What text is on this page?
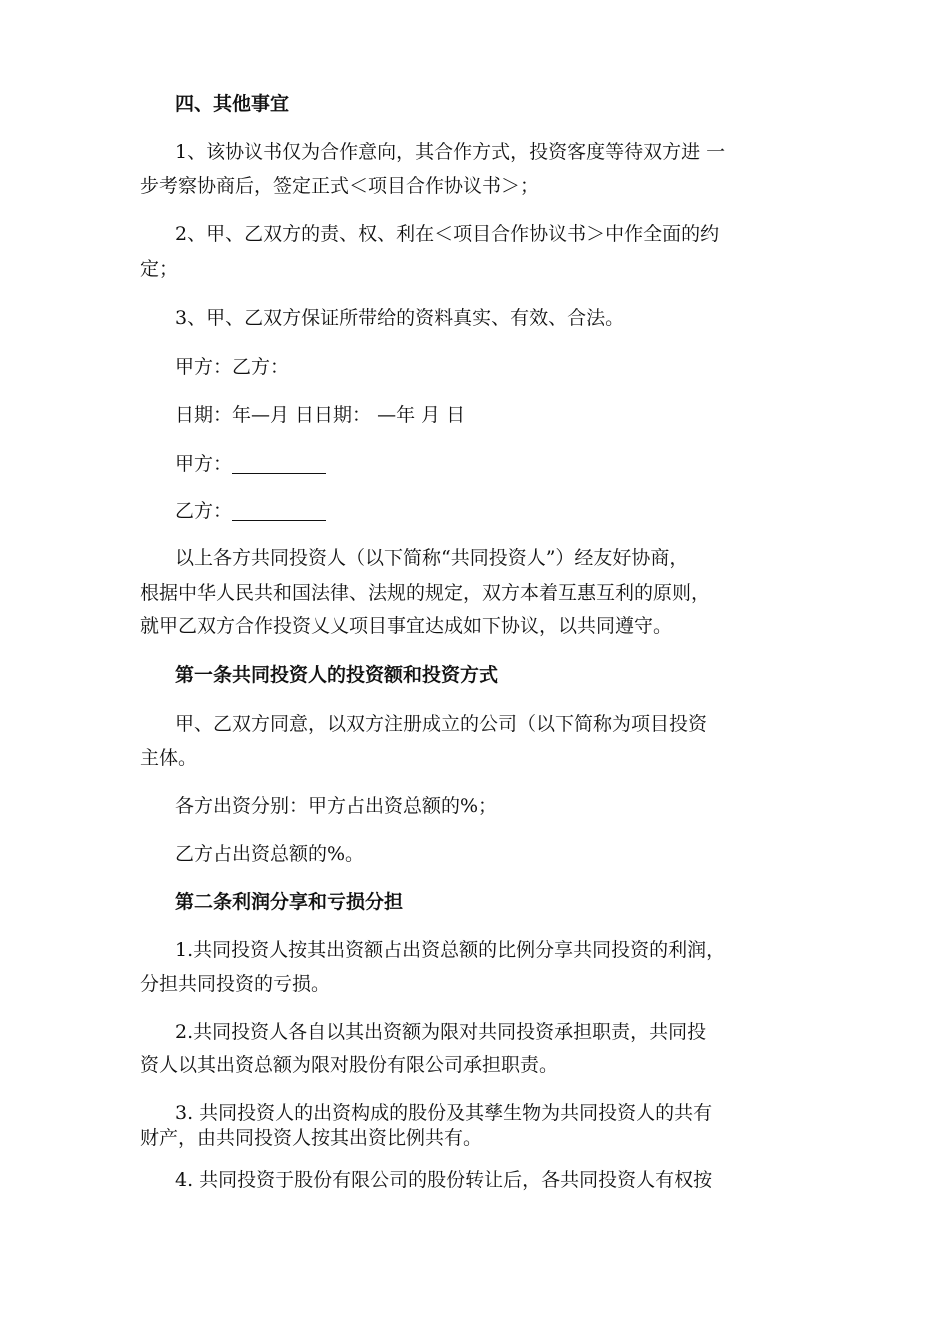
四、其他事宜
1、该协议书仅为合作意向，其合作方式，投资客度等待双方进 一
步考察协商后，签定正式＜项目合作协议书＞；
2、甲、乙双方的责、权、利在＜项目合作协议书＞中作全面的约
定；
3、甲、乙双方保证所带给的资料真实、有效、合法。
甲方：乙方：
日期：年—月 日日期： —年 月 日
甲方：
乙方：
以上各方共同投资人（以下简称“共同投资人”）经友好协商，
根据中华人民共和国法律、法规的规定，双方本着互惠互利的原则，
就甲乙双方合作投资乂乂项目事宜达成如下协议，以共同遵守。
第一条共同投资人的投资额和投资方式
甲、乙双方同意，以双方注册成立的公司（以下简称为项目投资
主体。
各方出资分别：甲方占出资总额的%；
乙方占出资总额的%。
第二条利润分享和亏损分担
1.共同投资人按其出资额占出资总额的比例分享共同投资的利润，
分担共同投资的亏损。
2.共同投资人各自以其出资额为限对共同投资承担职责，共同投
资人以其出资总额为限对股份有限公司承担职责。
3. 共同投资人的出资构成的股份及其孳生物为共同投资人的共有
财产，由共同投资人按其出资比例共有。
4. 共同投资于股份有限公司的股份转让后，各共同投资人有权按
